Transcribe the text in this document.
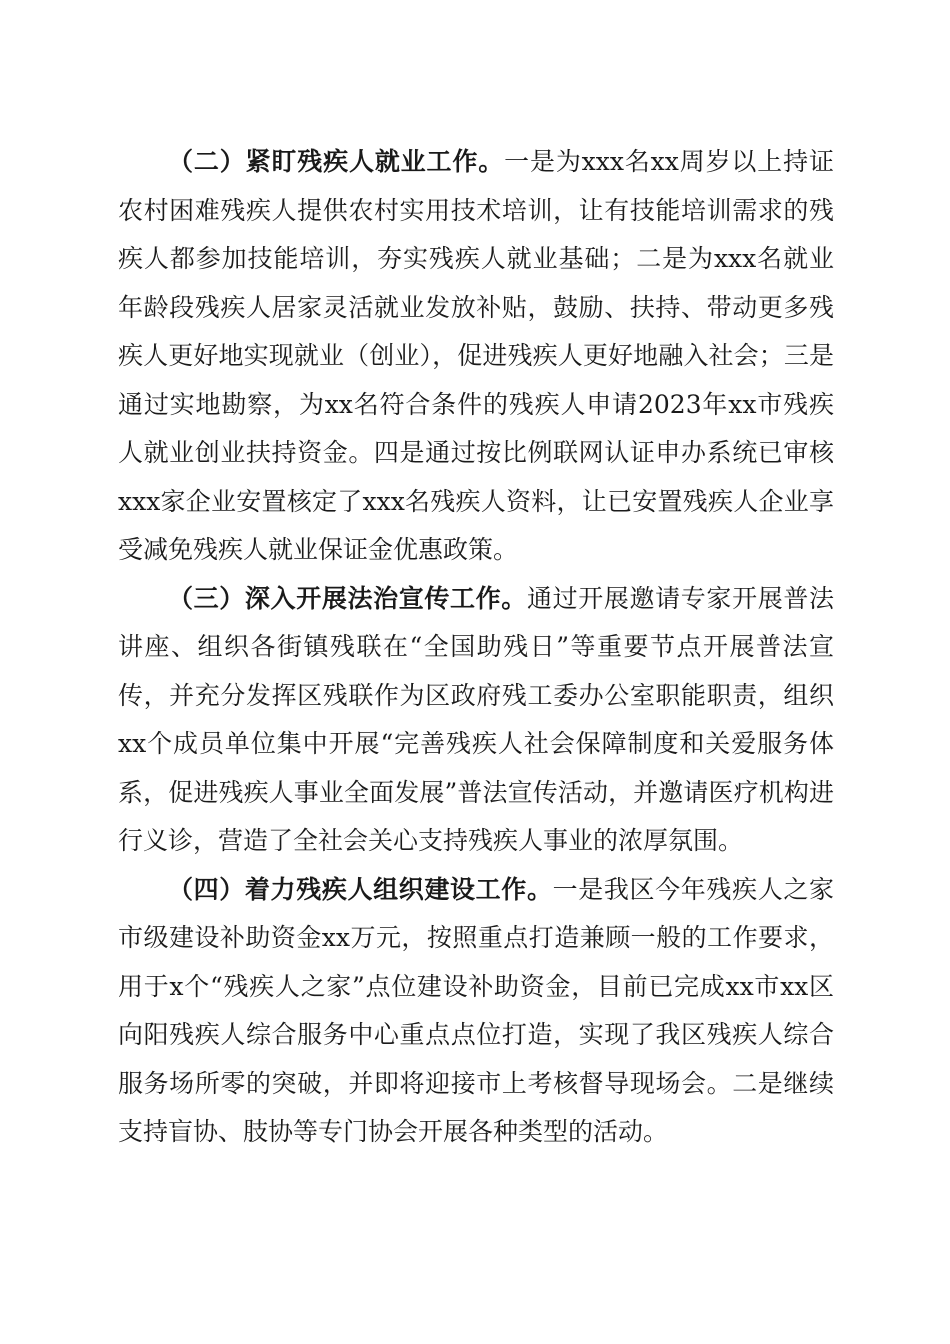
（二）紧盯残疾人就业工作。一是为xxx名xx周岁以上持证农村困难残疾人提供农村实用技术培训，让有技能培训需求的残疾人都参加技能培训，夯实残疾人就业基础；二是为xxx名就业年龄段残疾人居家灵活就业发放补贴，鼓励、扶持、带动更多残疾人更好地实现就业（创业），促进残疾人更好地融入社会；三是通过实地勘察，为xx名符合条件的残疾人申请2023年xx市残疾人就业创业扶持资金。四是通过按比例联网认证申办系统已审核xxx家企业安置核定了xxx名残疾人资料，让已安置残疾人企业享受减免残疾人就业保证金优惠政策。

（三）深入开展法治宣传工作。通过开展邀请专家开展普法讲座、组织各街镇残联在“全国助残日”等重要节点开展普法宣传，并充分发挥区残联作为区政府残工委办公室职能职责，组织xx个成员单位集中开展“完善残疾人社会保障制度和关爱服务体系，促进残疾人事业全面发展”普法宣传活动，并邀请医疗机构进行义诊，营造了全社会关心支持残疾人事业的浓厚氛围。

（四）着力残疾人组织建设工作。一是我区今年残疾人之家市级建设补助资金xx万元，按照重点打造兼顾一般的工作要求，用于x个“残疾人之家”点位建设补助资金，目前已完成xx市xx区向阳残疾人综合服务中心重点点位打造，实现了我区残疾人综合服务场所零的突破，并即将迎接市上考核督导现场会。二是继续支持盲协、肢协等专门协会开展各种类型的活动。
